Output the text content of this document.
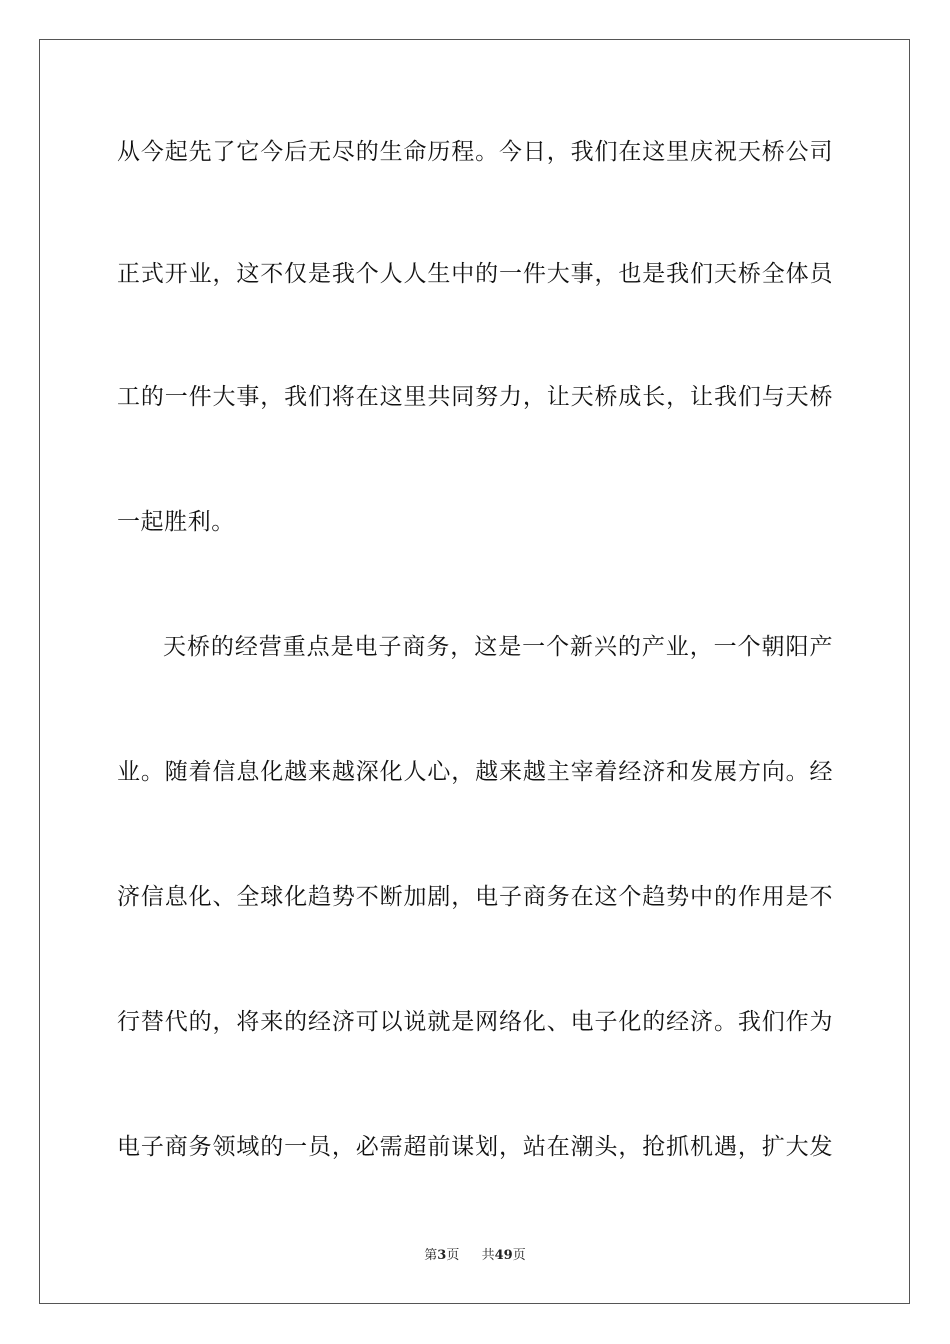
从今起先了它今后无尽的生命历程。今日，我们在这里庆祝天桥公司
正式开业，这不仅是我个人人生中的一件大事，也是我们天桥全体员
工的一件大事，我们将在这里共同努力，让天桥成长，让我们与天桥
一起胜利。
天桥的经营重点是电子商务，这是一个新兴的产业，一个朝阳产
业。随着信息化越来越深化人心，越来越主宰着经济和发展方向。经
济信息化、全球化趋势不断加剧，电子商务在这个趋势中的作用是不
行替代的，将来的经济可以说就是网络化、电子化的经济。我们作为
电子商务领域的一员，必需超前谋划，站在潮头，抢抓机遇，扩大发
第3页 共49页
